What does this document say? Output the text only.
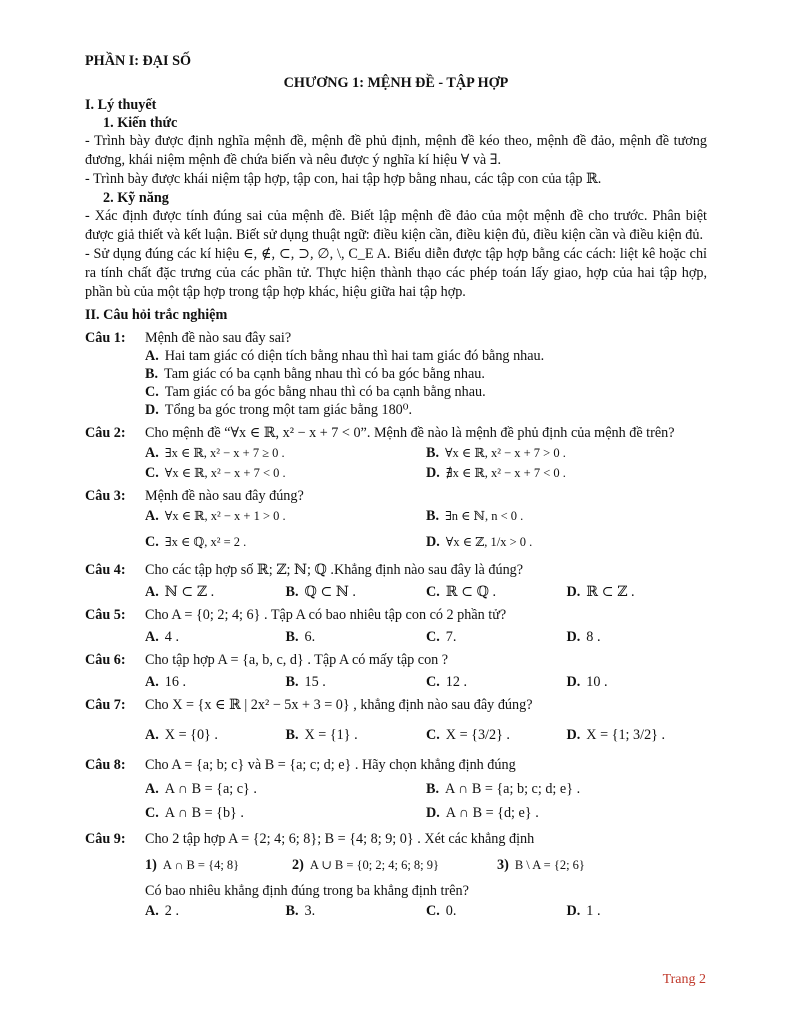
PHẦN I: ĐẠI SỐ
CHƯƠNG 1: MỆNH ĐỀ - TẬP HỢP
I. Lý thuyết
1. Kiến thức
- Trình bày được định nghĩa mệnh đề, mệnh đề phủ định, mệnh đề kéo theo, mệnh đề đảo, mệnh đề tương đương, khái niệm mệnh đề chứa biến và nêu được ý nghĩa kí hiệu ∀ và ∃.
- Trình bày được khái niệm tập hợp, tập con, hai tập hợp bằng nhau, các tập con của tập ℝ.
2. Kỹ năng
- Xác định được tính đúng sai của mệnh đề. Biết lập mệnh đề đảo của một mệnh đề cho trước. Phân biệt được giả thiết và kết luận. Biết sử dụng thuật ngữ: điều kiện cần, điều kiện đủ, điều kiện cần và điều kiện đủ.
- Sử dụng đúng các kí hiệu ∈, ∉, ⊂, ⊃, ∅, \, C_E A. Biểu diễn được tập hợp bằng các cách: liệt kê hoặc chỉ ra tính chất đặc trưng của các phần tử. Thực hiện thành thạo các phép toán lấy giao, hợp của hai tập hợp, phần bù của một tập hợp trong tập hợp khác, hiệu giữa hai tập hợp.
II. Câu hỏi trắc nghiệm
Câu 1:	Mệnh đề nào sau đây sai?
A. Hai tam giác có diện tích bằng nhau thì hai tam giác đó bằng nhau.
B. Tam giác có ba cạnh bằng nhau thì có ba góc bằng nhau.
C. Tam giác có ba góc bằng nhau thì có ba cạnh bằng nhau.
D. Tổng ba góc trong một tam giác bằng 180⁰.
Câu 2:	Cho mệnh đề “∀x ∈ ℝ, x² − x + 7 < 0”. Mệnh đề nào là mệnh đề phủ định của mệnh đề trên?
A. ∃x ∈ ℝ, x² − x + 7 ≥ 0 .	B. ∀x ∈ ℝ, x² − x + 7 > 0 .
C. ∀x ∈ ℝ, x² − x + 7 < 0 .	D. ∄x ∈ ℝ, x² − x + 7 < 0 .
Câu 3:	Mệnh đề nào sau đây đúng?
A. ∀x ∈ ℝ, x² − x + 1 > 0 .	B. ∃n ∈ ℕ, n < 0 .
C. ∃x ∈ ℚ, x² = 2 .	D. ∀x ∈ ℤ, 1/x > 0 .
Câu 4:	Cho các tập hợp số ℝ; ℤ; ℕ; ℚ .Khẳng định nào sau đây là đúng?
A. ℕ ⊂ ℤ .	B. ℚ ⊂ ℕ .	C. ℝ ⊂ ℚ .	D. ℝ ⊂ ℤ .
Câu 5:	Cho A = {0; 2; 4; 6} . Tập A có bao nhiêu tập con có 2 phần tử?
A. 4 .	B. 6.	C. 7.	D. 8 .
Câu 6:	Cho tập hợp A = {a, b, c, d} . Tập A có mấy tập con ?
A. 16 .	B. 15 .	C. 12 .	D. 10 .
Câu 7:	Cho X = {x ∈ ℝ | 2x² − 5x + 3 = 0} , khẳng định nào sau đây đúng?
A. X = {0} .	B. X = {1} .	C. X = {3/2} .	D. X = {1; 3/2} .
Câu 8:	Cho A = {a; b; c} và B = {a; c; d; e} . Hãy chọn khẳng định đúng
A. A ∩ B = {a; c} .	B. A ∩ B = {a; b; c; d; e} .
C. A ∩ B = {b} .	D. A ∩ B = {d; e} .
Câu 9:	Cho 2 tập hợp A = {2; 4; 6; 8}; B = {4; 8; 9; 0} . Xét các khẳng định
1) A ∩ B = {4; 8}	2) A ∪ B = {0; 2; 4; 6; 8; 9}	3) B \ A = {2; 6}
Có bao nhiêu khẳng định đúng trong ba khẳng định trên?
A. 2 .	B. 3.	C. 0.	D. 1 .
Trang 2
